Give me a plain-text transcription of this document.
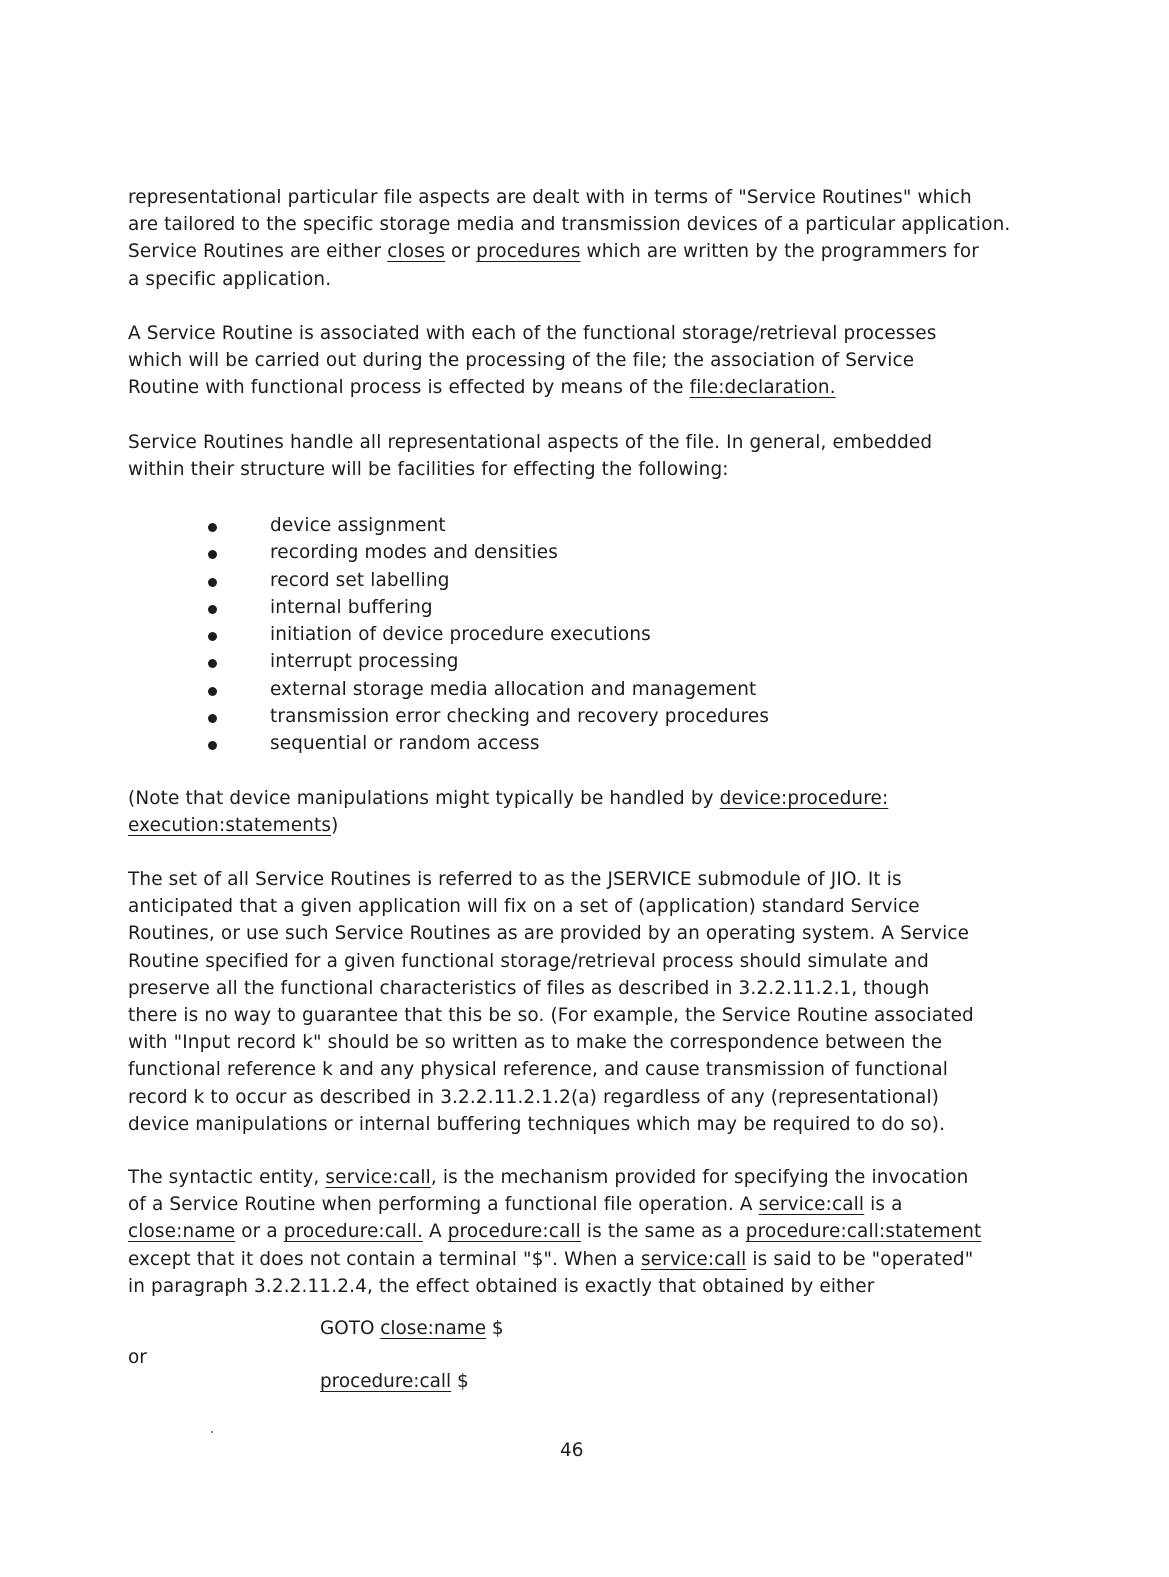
representational particular file aspects are dealt with in terms of "Service Routines" which
are tailored to the specific storage media and transmission devices of a particular application.
Service Routines are either closes or procedures which are written by the programmers for
a specific application.

A Service Routine is associated with each of the functional storage/retrieval processes
which will be carried out during the processing of the file; the association of Service
Routine with functional process is effected by means of the file:declaration.

Service Routines handle all representational aspects of the file. In general, embedded
within their structure will be facilities for effecting the following:

device assignment
recording modes and densities
record set labelling
internal buffering
initiation of device procedure executions
interrupt processing
external storage media allocation and management
transmission error checking and recovery procedures
sequential or random access

(Note that device manipulations might typically be handled by device:procedure:
execution:statements)

The set of all Service Routines is referred to as the JSERVICE submodule of JIO. It is
anticipated that a given application will fix on a set of (application) standard Service
Routines, or use such Service Routines as are provided by an operating system. A Service
Routine specified for a given functional storage/retrieval process should simulate and
preserve all the functional characteristics of files as described in 3.2.2.11.2.1, though
there is no way to guarantee that this be so. (For example, the Service Routine associated
with "Input record k" should be so written as to make the correspondence between the
functional reference k and any physical reference, and cause transmission of functional
record k to occur as described in 3.2.2.11.2.1.2(a) regardless of any (representational)
device manipulations or internal buffering techniques which may be required to do so).

The syntactic entity, service:call, is the mechanism provided for specifying the invocation
of a Service Routine when performing a functional file operation. A service:call is a
close:name or a procedure:call. A procedure:call is the same as a procedure:call:statement
except that it does not contain a terminal "$". When a service:call is said to be "operated"
in paragraph 3.2.2.11.2.4, the effect obtained is exactly that obtained by either

GOTO close:name $
or
procedure:call $
46
